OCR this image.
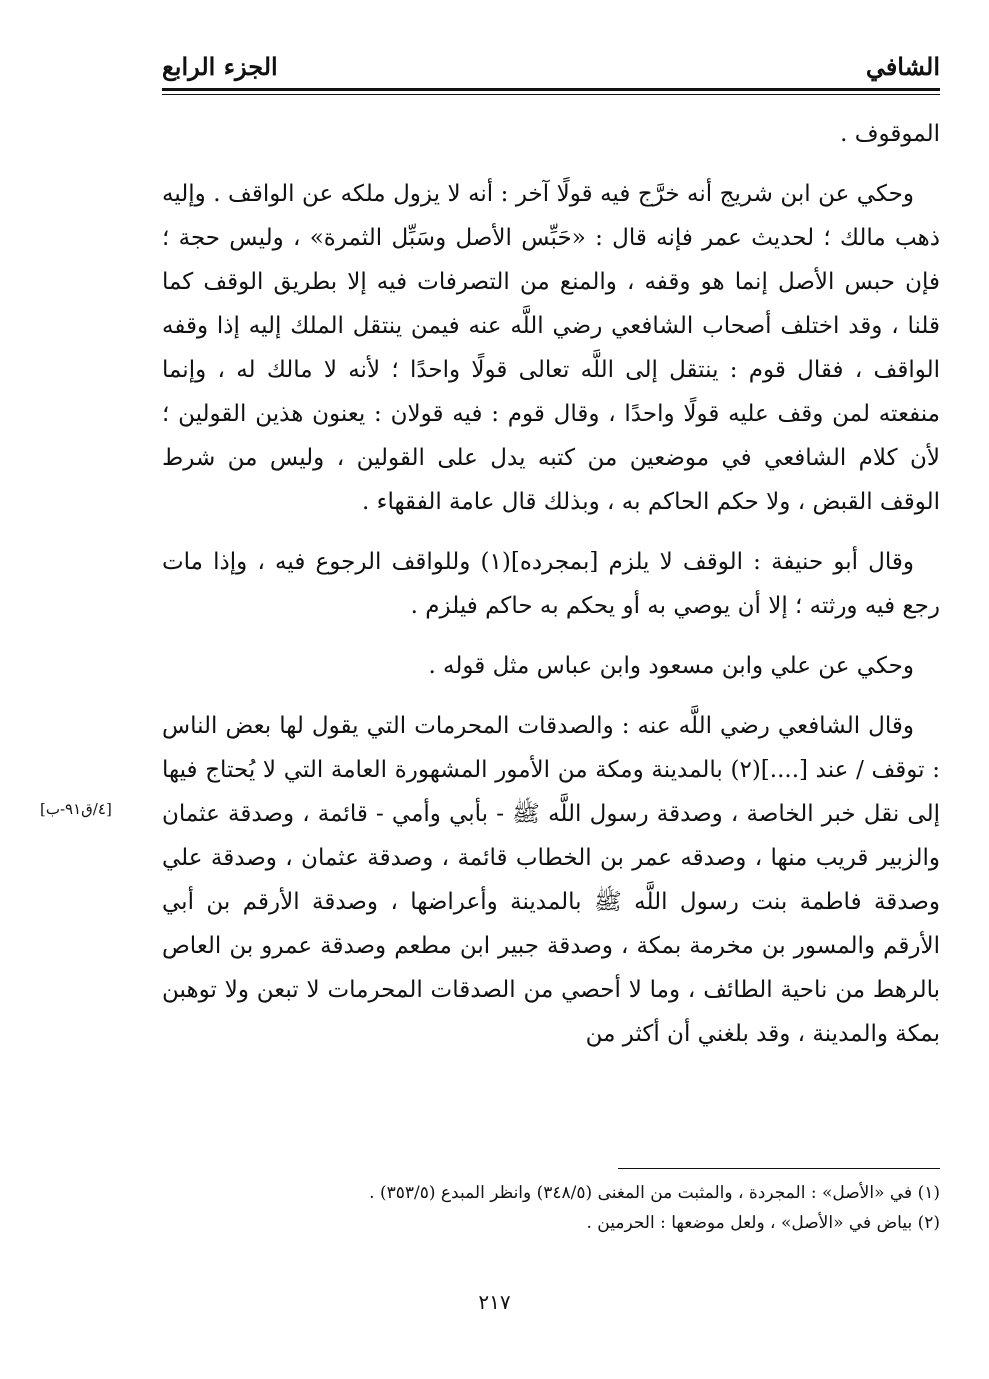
الشافي
الجزء الرابع

الموقوف .

وحكي عن ابن شريج أنه خرَّج فيه قولًا آخر : أنه لا يزول ملكه عن الواقف . وإليه ذهب مالك ؛ لحديث عمر فإنه قال : «حَبِّس الأصل وسَبِّل الثمرة» ، وليس حجة ؛ فإن حبس الأصل إنما هو وقفه ، والمنع من التصرفات فيه إلا بطريق الوقف كما قلنا ، وقد اختلف أصحاب الشافعي رضي اللَّه عنه فيمن ينتقل الملك إليه إذا وقفه الواقف ، فقال قوم : ينتقل إلى اللَّه تعالى قولًا واحدًا ؛ لأنه لا مالك له ، وإنما منفعته لمن وقف عليه قولًا واحدًا ، وقال قوم : فيه قولان : يعنون هذين القولين ؛ لأن كلام الشافعي في موضعين من كتبه يدل على القولين ، وليس من شرط الوقف القبض ، ولا حكم الحاكم به ، وبذلك قال عامة الفقهاء .

وقال أبو حنيفة : الوقف لا يلزم [بمجرده](١) وللواقف الرجوع فيه ، وإذا مات رجع فيه ورثته ؛ إلا أن يوصي به أو يحكم به حاكم فيلزم .

وحكي عن علي وابن مسعود وابن عباس مثل قوله .

وقال الشافعي رضي اللَّه عنه : والصدقات المحرمات التي يقول لها بعض الناس : توقف / عند [....](٢) بالمدينة ومكة من الأمور المشهورة العامة التي لا يُحتاج فيها إلى نقل خبر الخاصة ، وصدقة رسول اللَّه ﷺ - بأبي وأمي - قائمة ، وصدقة عثمان والزبير قريب منها ، وصدقه عمر بن الخطاب قائمة ، وصدقة عثمان ، وصدقة علي وصدقة فاطمة بنت رسول اللَّه ﷺ بالمدينة وأعراضها ، وصدقة الأرقم بن أبي الأرقم والمسور بن مخرمة بمكة ، وصدقة جبير ابن مطعم وصدقة عمرو بن العاص بالرهط من ناحية الطائف ، وما لا أحصي من الصدقات المحرمات لا تبعن ولا توهبن بمكة والمدينة ، وقد بلغني أن أكثر من

[٤/ق٩١-ب]
(١) في «الأصل» : المجردة ، والمثبت من المغنى (٣٤٨/٥) وانظر المبدع (٣٥٣/٥) .
(٢) بياض في «الأصل» ، ولعل موضعها : الحرمين .
٢١٧
